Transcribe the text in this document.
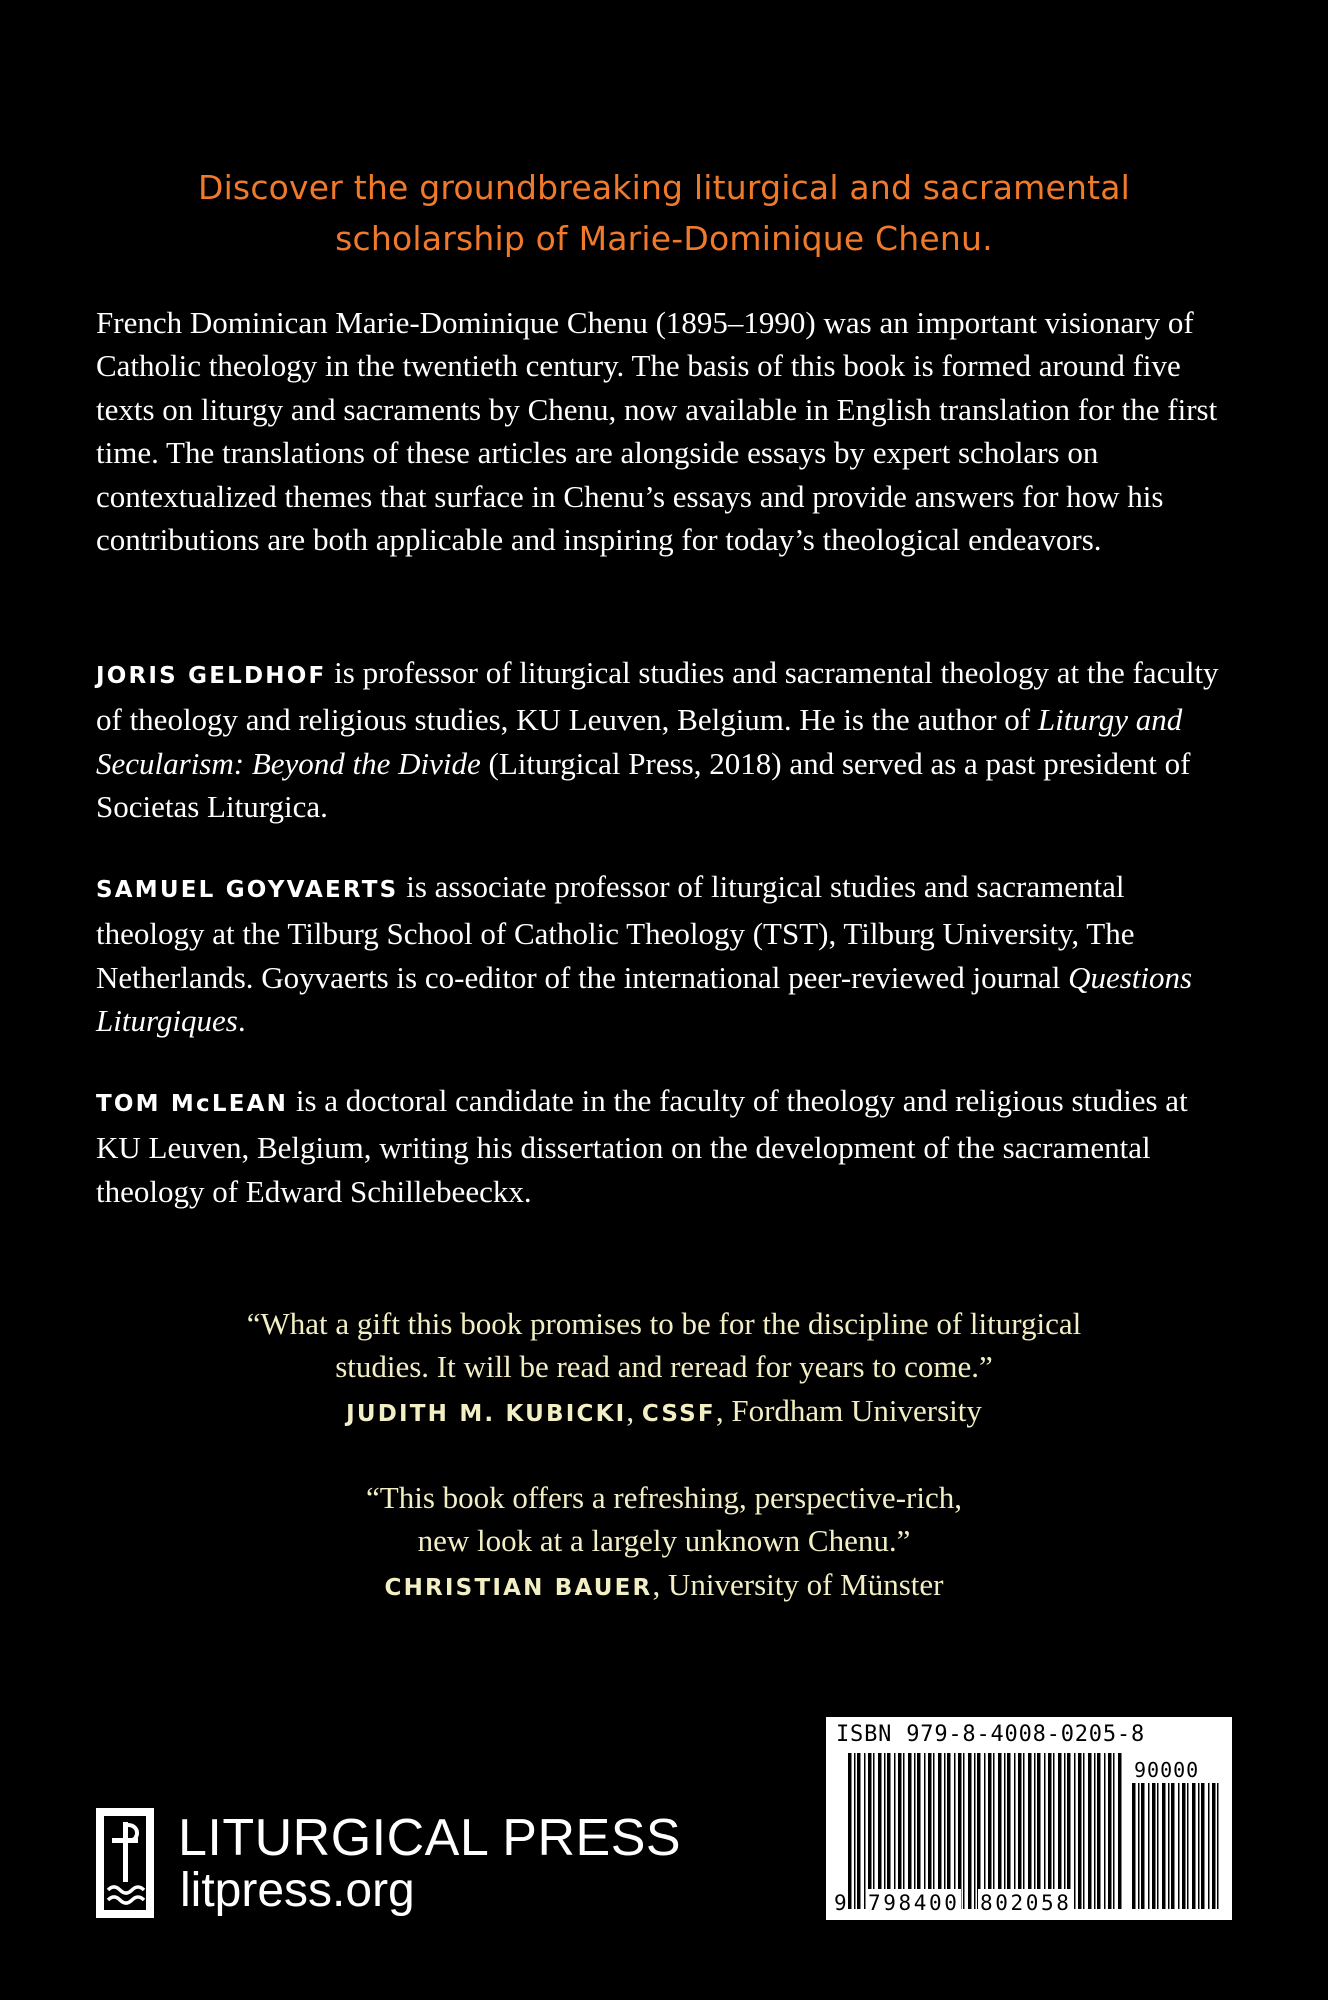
Discover the groundbreaking liturgical and sacramental
scholarship of Marie-Dominique Chenu.

French Dominican Marie-Dominique Chenu (1895–1990) was an important visionary of Catholic theology in the twentieth century. The basis of this book is formed around five texts on liturgy and sacraments by Chenu, now available in English translation for the first time. The translations of these articles are alongside essays by expert scholars on contextualized themes that surface in Chenu’s essays and provide answers for how his contributions are both applicable and inspiring for today’s theological endeavors.

JORIS GELDHOF is professor of liturgical studies and sacramental theology at the faculty of theology and religious studies, KU Leuven, Belgium. He is the author of Liturgy and Secularism: Beyond the Divide (Liturgical Press, 2018) and served as a past president of Societas Liturgica.

SAMUEL GOYVAERTS is associate professor of liturgical studies and sacramental theology at the Tilburg School of Catholic Theology (TST), Tilburg University, The Netherlands. Goyvaerts is co-editor of the international peer-reviewed journal Questions Liturgiques.

TOM McLEAN is a doctoral candidate in the faculty of theology and religious studies at KU Leuven, Belgium, writing his dissertation on the development of the sacramental theology of Edward Schillebeeckx.

“What a gift this book promises to be for the discipline of liturgical
studies. It will be read and reread for years to come.”
JUDITH M. KUBICKI, CSSF, Fordham University
“This book offers a refreshing, perspective-rich,
new look at a largely unknown Chenu.”
CHRISTIAN BAUER, University of Münster
LITURGICAL PRESS
litpress.org
ISBN 979-8-4008-0205-8
90000
9 798400 802058
